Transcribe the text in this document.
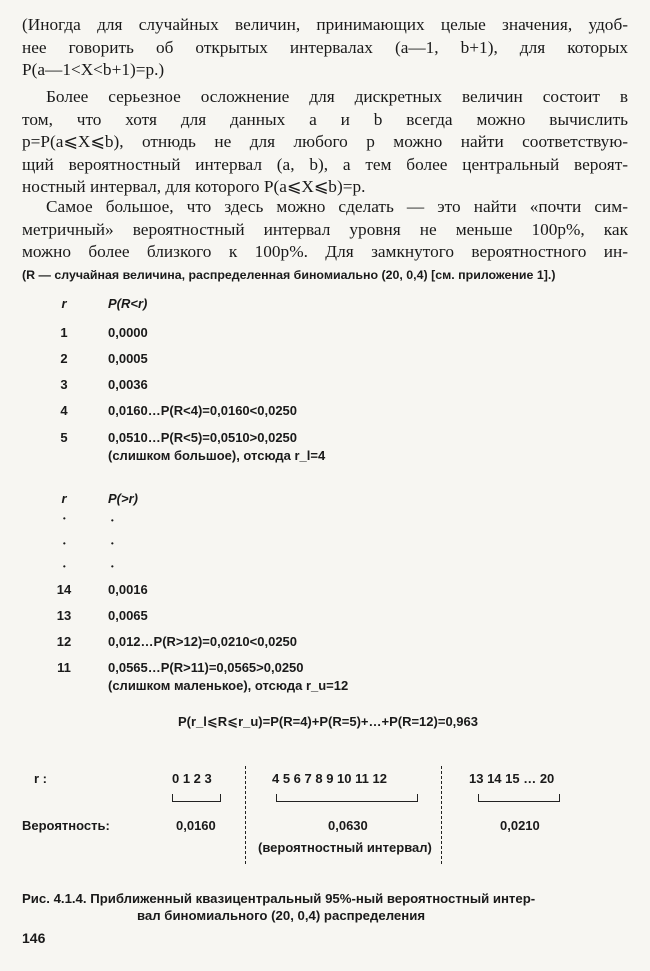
(Иногда для случайных величин, принимающих целые значения, удоб-
нее говорить об открытых интервалах (a—1, b+1), для которых
P(a—1<X<b+1)=p.)
Более серьезное осложнение для дискретных величин состоит в
том, что хотя для данных a и b всегда можно вычислить
p=P(a⩽X⩽b), отнюдь не для любого p можно найти соответствую-
щий вероятностный интервал (a, b), а тем более центральный вероят-
ностный интервал, для которого P(a⩽X⩽b)=p.
Самое большое, что здесь можно сделать — это найти «почти сим-
метричный» вероятностный интервал уровня не меньше 100p%, как
можно более близкого к 100p%. Для замкнутого вероятностного ин-
(R — случайная величина, распределенная биномиально (20, 0,4) [см. приложение 1].)
r	P(R<r)
1	0,0000
2	0,0005
3	0,0036
4	0,0160…P(R<4)=0,0160<0,0250
5	0,0510…P(R<5)=0,0510>0,0250
(слишком большое), отсюда r_l=4
r	P(>r)
·	·
·	·
·	·
14	0,0016
13	0,0065
12	0,012…P(R>12)=0,0210<0,0250
11	0,0565…P(R>11)=0,0565>0,0250
(слишком маленькое), отсюда r_u=12
P(r_l⩽R⩽r_u)=P(R=4)+P(R=5)+…+P(R=12)=0,963
r :	0 1 2 3	4 5 6 7 8 9 10 11 12	13 14 15 … 20
Вероятность:	0,0160	0,0630	0,0210
(вероятностный интервал)
Рис. 4.1.4. Приближенный квазицентральный 95%-ный вероятностный интер-
вал биномиального (20, 0,4) распределения
146
